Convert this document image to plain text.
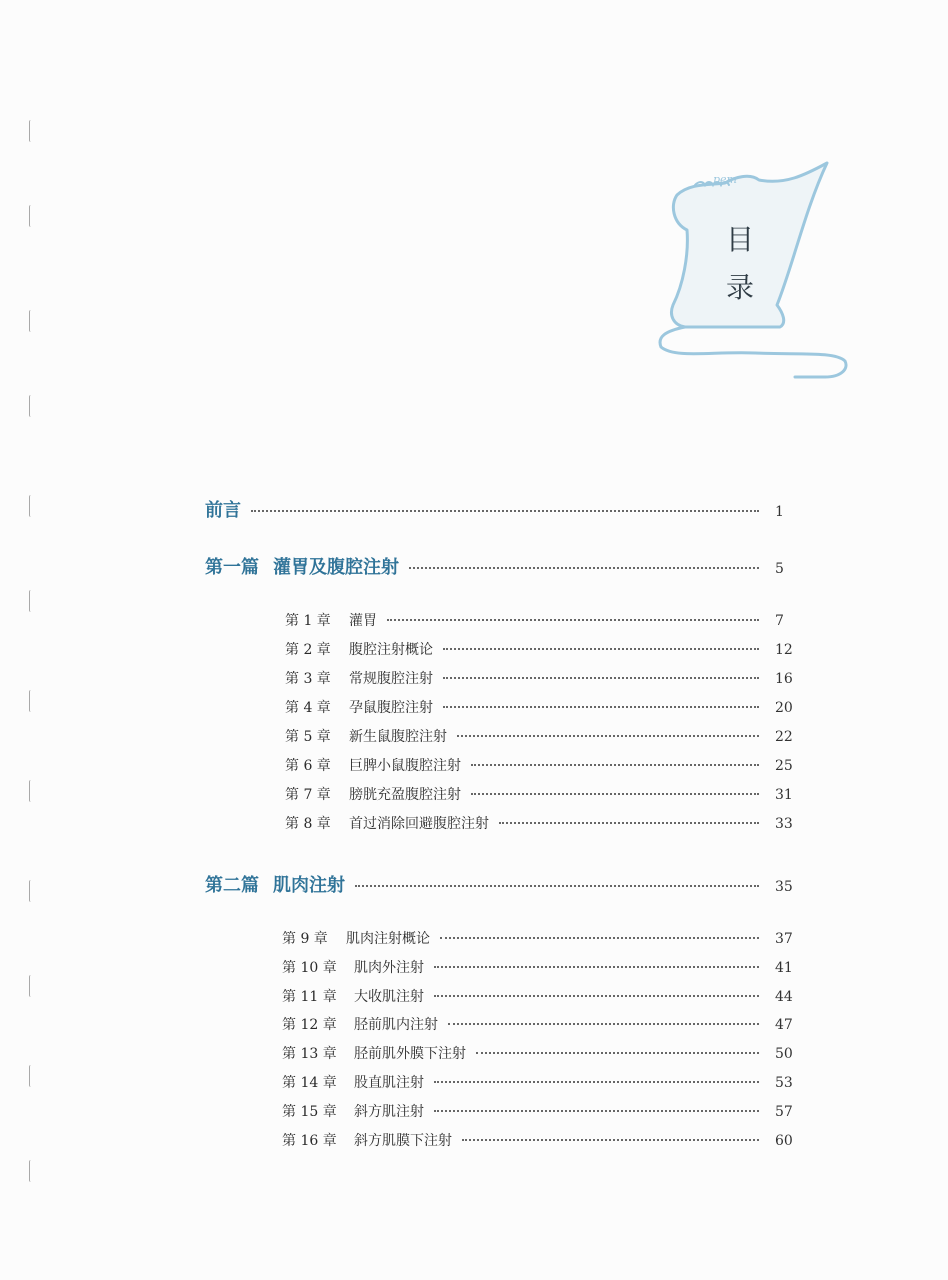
pem
目
录
前言	1
第一篇 灌胃及腹腔注射	5
第 1 章	灌胃	7
第 2 章	腹腔注射概论	12
第 3 章	常规腹腔注射	16
第 4 章	孕鼠腹腔注射	20
第 5 章	新生鼠腹腔注射	22
第 6 章	巨脾小鼠腹腔注射	25
第 7 章	膀胱充盈腹腔注射	31
第 8 章	首过消除回避腹腔注射	33
第二篇 肌肉注射	35
第 9 章	肌肉注射概论	37
第 10 章	肌肉外注射	41
第 11 章	大收肌注射	44
第 12 章	胫前肌内注射	47
第 13 章	胫前肌外膜下注射	50
第 14 章	股直肌注射	53
第 15 章	斜方肌注射	57
第 16 章	斜方肌膜下注射	60
